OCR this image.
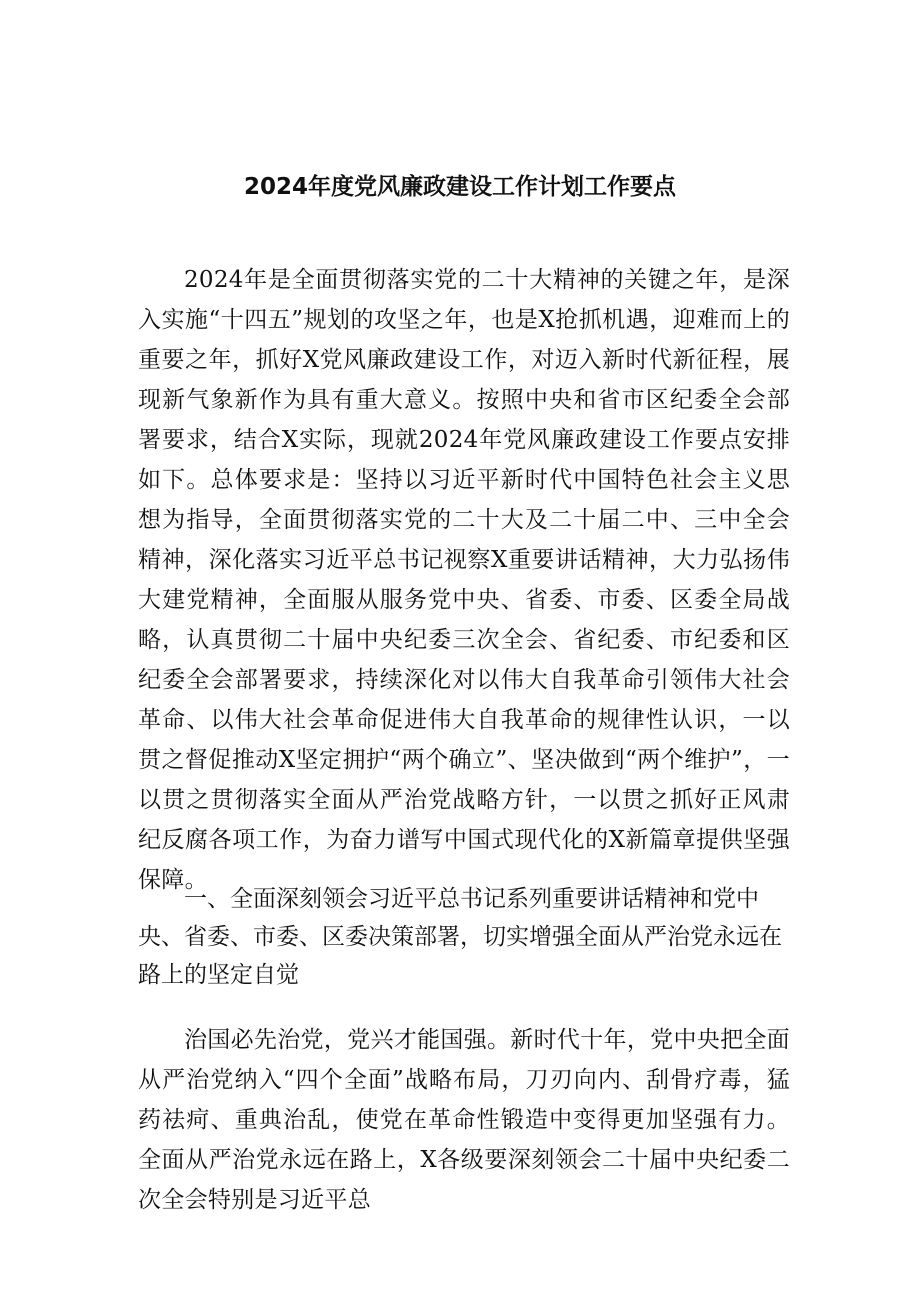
2024年度党风廉政建设工作计划工作要点

2024年是全面贯彻落实党的二十大精神的关键之年，是深入实施“十四五”规划的攻坚之年，也是X抢抓机遇，迎难而上的重要之年，抓好X党风廉政建设工作，对迈入新时代新征程，展现新气象新作为具有重大意义。按照中央和省市区纪委全会部署要求，结合X实际，现就2024年党风廉政建设工作要点安排如下。总体要求是：坚持以习近平新时代中国特色社会主义思想为指导，全面贯彻落实党的二十大及二十届二中、三中全会精神，深化落实习近平总书记视察X重要讲话精神，大力弘扬伟大建党精神，全面服从服务党中央、省委、市委、区委全局战略，认真贯彻二十届中央纪委三次全会、省纪委、市纪委和区纪委全会部署要求，持续深化对以伟大自我革命引领伟大社会革命、以伟大社会革命促进伟大自我革命的规律性认识，一以贯之督促推动X坚定拥护“两个确立”、坚决做到“两个维护”，一以贯之贯彻落实全面从严治党战略方针，一以贯之抓好正风肃纪反腐各项工作，为奋力谱写中国式现代化的X新篇章提供坚强保障。

一、全面深刻领会习近平总书记系列重要讲话精神和党中央、省委、市委、区委决策部署，切实增强全面从严治党永远在路上的坚定自觉

治国必先治党，党兴才能国强。新时代十年，党中央把全面从严治党纳入“四个全面”战略布局，刀刃向内、刮骨疗毒，猛药祛疴、重典治乱，使党在革命性锻造中变得更加坚强有力。全面从严治党永远在路上，X各级要深刻领会二十届中央纪委二次全会特别是习近平总
